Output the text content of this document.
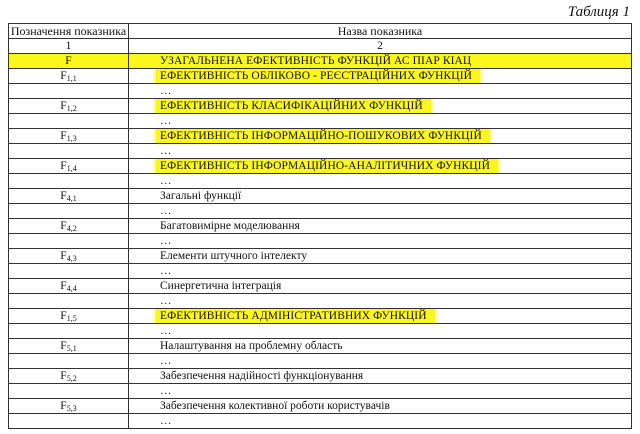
Таблиця 1
Позначення показника	Назва показника
1	2
F	УЗАГАЛЬНЕНА ЕФЕКТИВНІСТЬ ФУНКЦІЙ АС ПІАР КІАЦ
$F_{1,1}$	ЕФЕКТИВНІСТЬ ОБЛІКОВО - РЕЄСТРАЦІЙНИХ ФУНКЦІЙ
	…
$F_{1,2}$	ЕФЕКТИВНІСТЬ КЛАСИФІКАЦІЙНИХ ФУНКЦІЙ
	…
$F_{1,3}$	ЕФЕКТИВНІСТЬ ІНФОРМАЦІЙНО-ПОШУКОВИХ ФУНКЦІЙ
	…
$F_{1,4}$	ЕФЕКТИВНІСТЬ ІНФОРМАЦІЙНО-АНАЛІТИЧНИХ ФУНКЦІЙ
	…
$F_{4,1}$	Загальні функції
	…
$F_{4,2}$	Багатовимірне моделювання
	…
$F_{4,3}$	Елементи штучного інтелекту
	…
$F_{4,4}$	Синергетична інтеграція
	…
$F_{1,5}$	ЕФЕКТИВНІСТЬ АДМІНІСТРАТИВНИХ ФУНКЦІЙ
	…
$F_{5,1}$	Налаштування на проблемну область
	…
$F_{5,2}$	Забезпечення надійності функціонування
	…
$F_{5,3}$	Забезпечення колективної роботи користувачів
	…
